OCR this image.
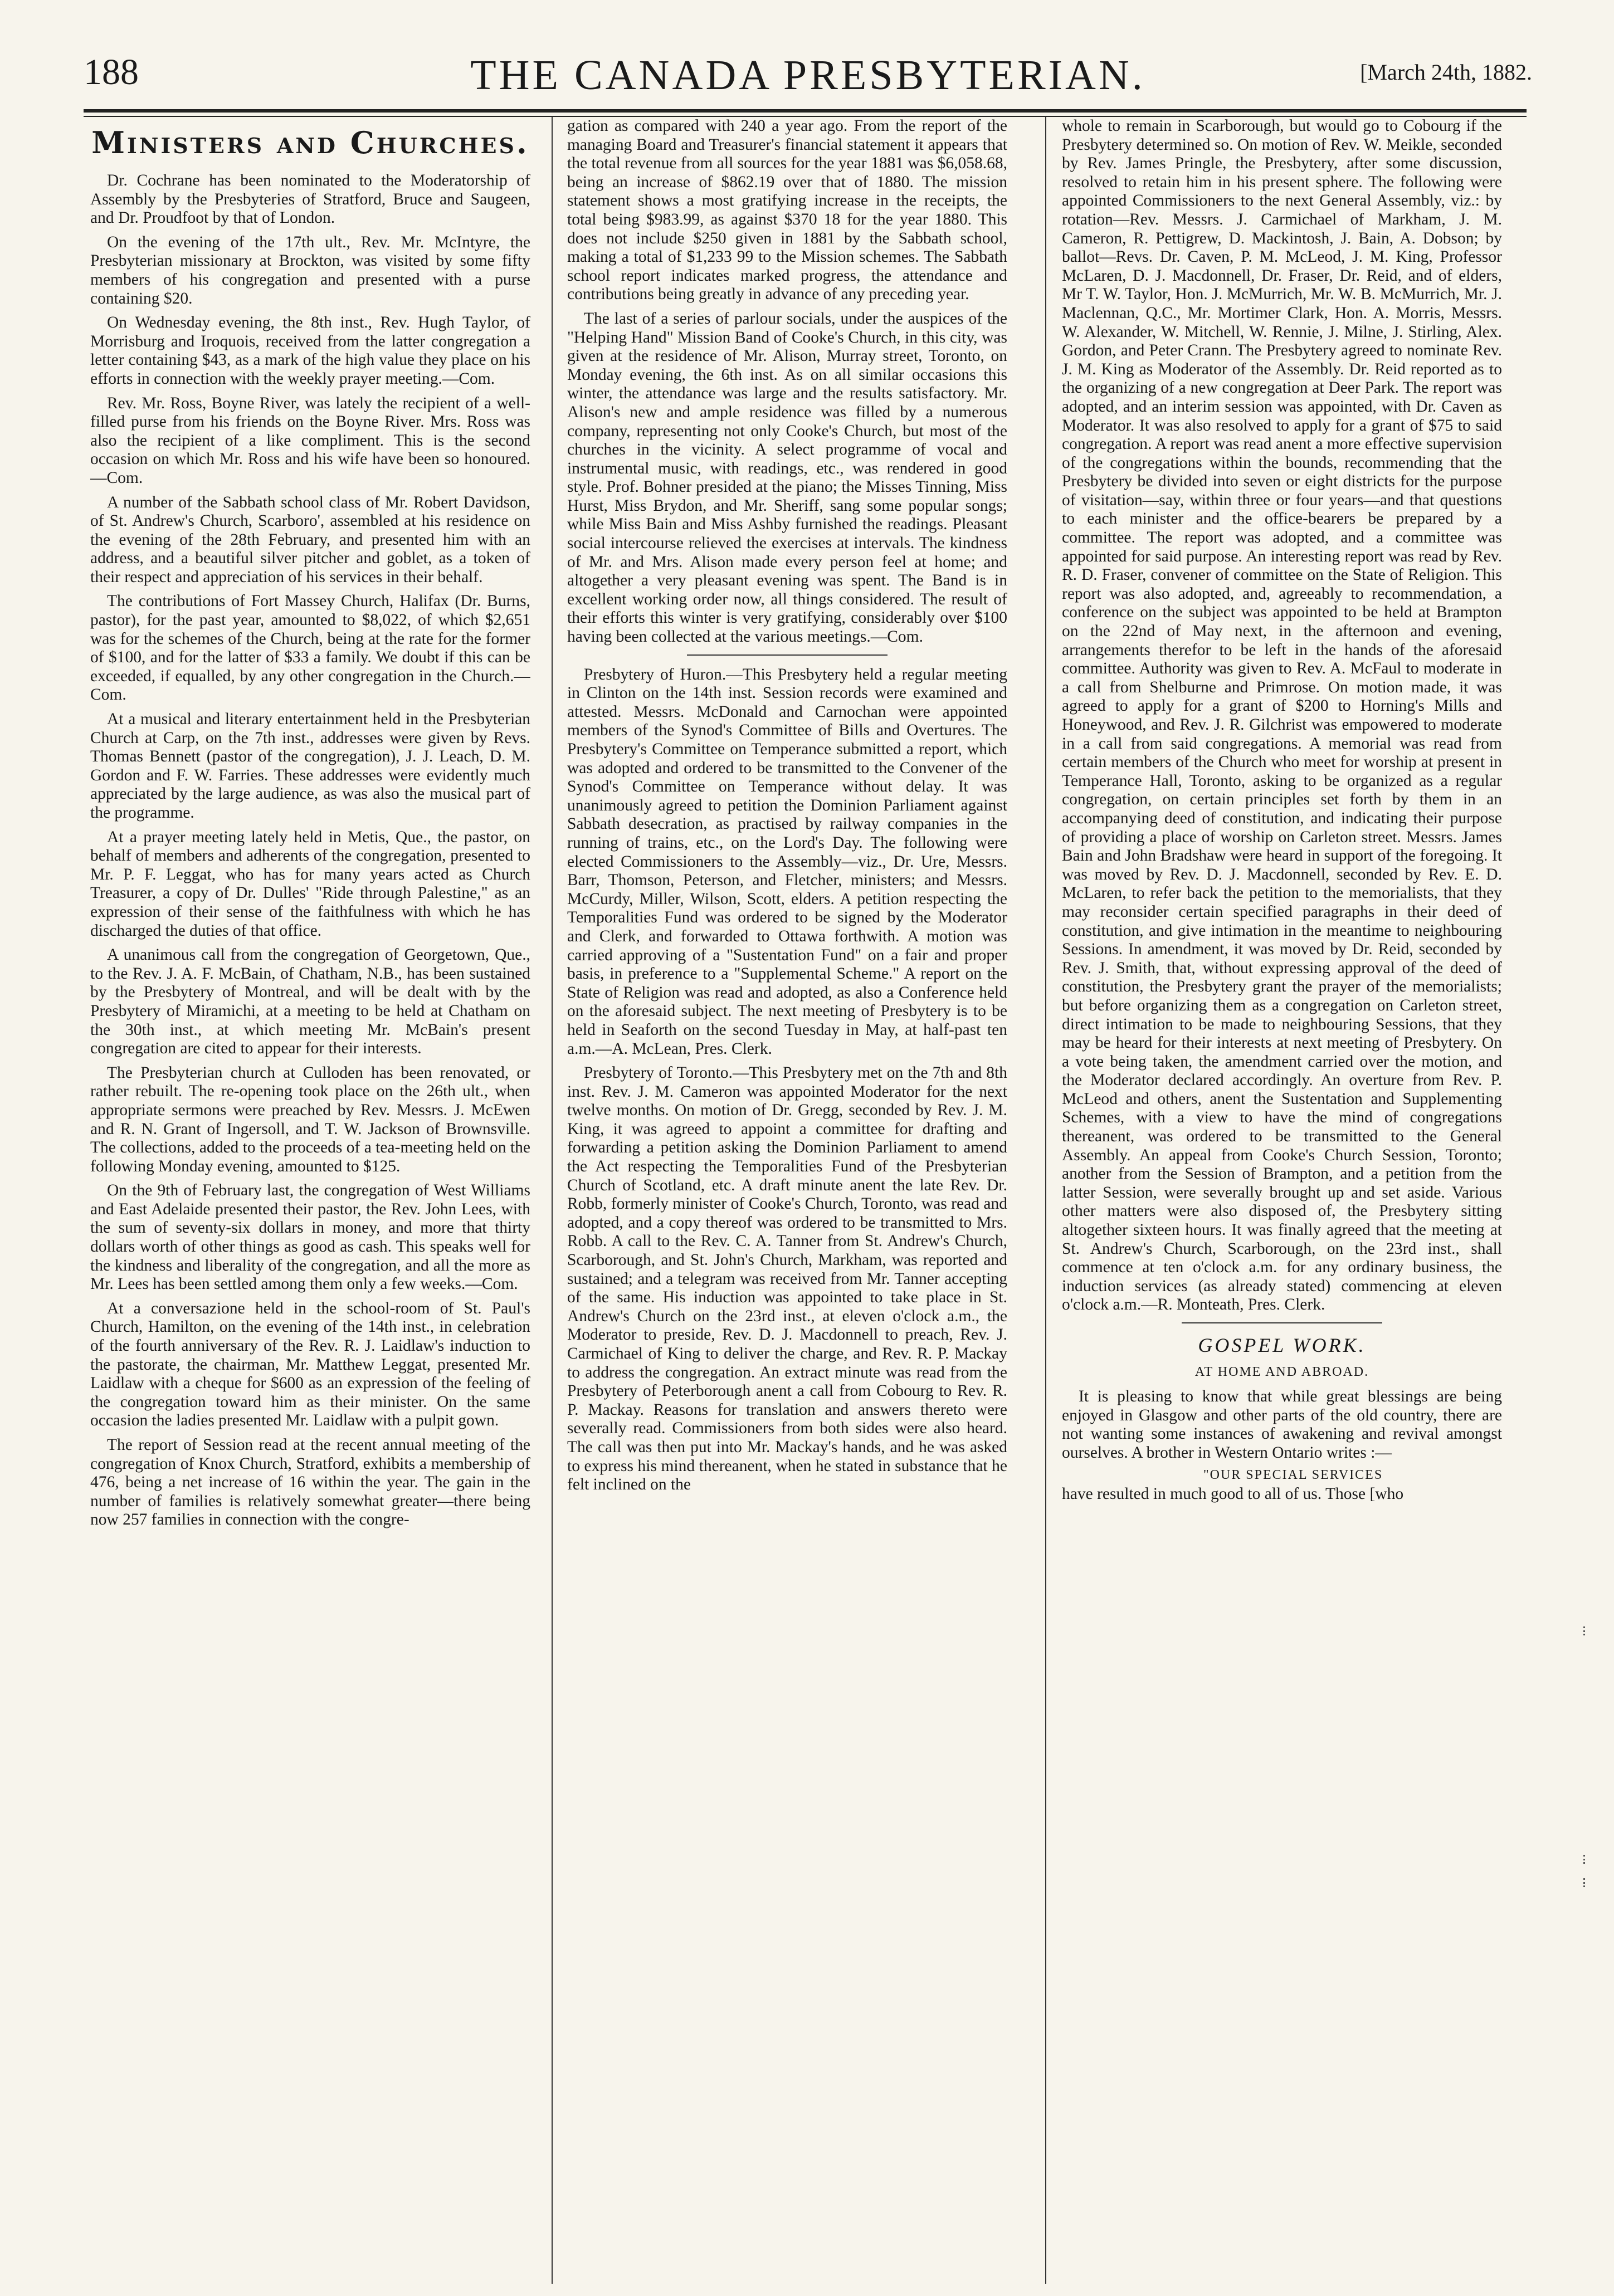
188	THE CANADA PRESBYTERIAN.	[March 24th, 1882.
Ministers and Churches.

Dr. Cochrane has been nominated to the Moderatorship of Assembly by the Presbyteries of Stratford, Bruce and Saugeen, and Dr. Proudfoot by that of London.

On the evening of the 17th ult., Rev. Mr. McIntyre, the Presbyterian missionary at Brockton, was visited by some fifty members of his congregation and presented with a purse containing $20.

On Wednesday evening, the 8th inst., Rev. Hugh Taylor, of Morrisburg and Iroquois, received from the latter congregation a letter containing $43, as a mark of the high value they place on his efforts in connection with the weekly prayer meeting.—Com.

Rev. Mr. Ross, Boyne River, was lately the recipient of a well-filled purse from his friends on the Boyne River. Mrs. Ross was also the recipient of a like compliment. This is the second occasion on which Mr. Ross and his wife have been so honoured.—Com.

A number of the Sabbath school class of Mr. Robert Davidson, of St. Andrew's Church, Scarboro', assembled at his residence on the evening of the 28th February, and presented him with an address, and a beautiful silver pitcher and goblet, as a token of their respect and appreciation of his services in their behalf.

The contributions of Fort Massey Church, Halifax (Dr. Burns, pastor), for the past year, amounted to $8,022, of which $2,651 was for the schemes of the Church, being at the rate for the former of $100, and for the latter of $33 a family. We doubt if this can be exceeded, if equalled, by any other congregation in the Church.—Com.

At a musical and literary entertainment held in the Presbyterian Church at Carp, on the 7th inst., addresses were given by Revs. Thomas Bennett (pastor of the congregation), J. J. Leach, D. M. Gordon and F. W. Farries. These addresses were evidently much appreciated by the large audience, as was also the musical part of the programme.

At a prayer meeting lately held in Metis, Que., the pastor, on behalf of members and adherents of the congregation, presented to Mr. P. F. Leggat, who has for many years acted as Church Treasurer, a copy of Dr. Dulles' "Ride through Palestine," as an expression of their sense of the faithfulness with which he has discharged the duties of that office.

A unanimous call from the congregation of Georgetown, Que., to the Rev. J. A. F. McBain, of Chatham, N.B., has been sustained by the Presbytery of Montreal, and will be dealt with by the Presbytery of Miramichi, at a meeting to be held at Chatham on the 30th inst., at which meeting Mr. McBain's present congregation are cited to appear for their interests.

The Presbyterian church at Culloden has been renovated, or rather rebuilt. The re-opening took place on the 26th ult., when appropriate sermons were preached by Rev. Messrs. J. McEwen and R. N. Grant of Ingersoll, and T. W. Jackson of Brownsville. The collections, added to the proceeds of a tea-meeting held on the following Monday evening, amounted to $125.

On the 9th of February last, the congregation of West Williams and East Adelaide presented their pastor, the Rev. John Lees, with the sum of seventy-six dollars in money, and more that thirty dollars worth of other things as good as cash. This speaks well for the kindness and liberality of the congregation, and all the more as Mr. Lees has been settled among them only a few weeks.—Com.

At a conversazione held in the school-room of St. Paul's Church, Hamilton, on the evening of the 14th inst., in celebration of the fourth anniversary of the Rev. R. J. Laidlaw's induction to the pastorate, the chairman, Mr. Matthew Leggat, presented Mr. Laidlaw with a cheque for $600 as an expression of the feeling of the congregation toward him as their minister. On the same occasion the ladies presented Mr. Laidlaw with a pulpit gown.

The report of Session read at the recent annual meeting of the congregation of Knox Church, Stratford, exhibits a membership of 476, being a net increase of 16 within the year. The gain in the number of families is relatively somewhat greater—there being now 257 families in connection with the congre-

gation as compared with 240 a year ago. From the report of the managing Board and Treasurer's financial statement it appears that the total revenue from all sources for the year 1881 was $6,058.68, being an increase of $862.19 over that of 1880. The mission statement shows a most gratifying increase in the receipts, the total being $983.99, as against $370 18 for the year 1880. This does not include $250 given in 1881 by the Sabbath school, making a total of $1,233 99 to the Mission schemes. The Sabbath school report indicates marked progress, the attendance and contributions being greatly in advance of any preceding year.

The last of a series of parlour socials, under the auspices of the "Helping Hand" Mission Band of Cooke's Church, in this city, was given at the residence of Mr. Alison, Murray street, Toronto, on Monday evening, the 6th inst. As on all similar occasions this winter, the attendance was large and the results satisfactory. Mr. Alison's new and ample residence was filled by a numerous company, representing not only Cooke's Church, but most of the churches in the vicinity. A select programme of vocal and instrumental music, with readings, etc., was rendered in good style. Prof. Bohner presided at the piano; the Misses Tinning, Miss Hurst, Miss Brydon, and Mr. Sheriff, sang some popular songs; while Miss Bain and Miss Ashby furnished the readings. Pleasant social intercourse relieved the exercises at intervals. The kindness of Mr. and Mrs. Alison made every person feel at home; and altogether a very pleasant evening was spent. The Band is in excellent working order now, all things considered. The result of their efforts this winter is very gratifying, considerably over $100 having been collected at the various meetings.—Com.

Presbytery of Huron.—This Presbytery held a regular meeting in Clinton on the 14th inst. Session records were examined and attested. Messrs. McDonald and Carnochan were appointed members of the Synod's Committee of Bills and Overtures. The Presbytery's Committee on Temperance submitted a report, which was adopted and ordered to be transmitted to the Convener of the Synod's Committee on Temperance without delay. It was unanimously agreed to petition the Dominion Parliament against Sabbath desecration, as practised by railway companies in the running of trains, etc., on the Lord's Day. The following were elected Commissioners to the Assembly—viz., Dr. Ure, Messrs. Barr, Thomson, Peterson, and Fletcher, ministers; and Messrs. McCurdy, Miller, Wilson, Scott, elders. A petition respecting the Temporalities Fund was ordered to be signed by the Moderator and Clerk, and forwarded to Ottawa forthwith. A motion was carried approving of a "Sustentation Fund" on a fair and proper basis, in preference to a "Supplemental Scheme." A report on the State of Religion was read and adopted, as also a Conference held on the aforesaid subject. The next meeting of Presbytery is to be held in Seaforth on the second Tuesday in May, at half-past ten a.m.—A. McLean, Pres. Clerk.

Presbytery of Toronto.—This Presbytery met on the 7th and 8th inst. Rev. J. M. Cameron was appointed Moderator for the next twelve months. On motion of Dr. Gregg, seconded by Rev. J. M. King, it was agreed to appoint a committee for drafting and forwarding a petition asking the Dominion Parliament to amend the Act respecting the Temporalities Fund of the Presbyterian Church of Scotland, etc. A draft minute anent the late Rev. Dr. Robb, formerly minister of Cooke's Church, Toronto, was read and adopted, and a copy thereof was ordered to be transmitted to Mrs. Robb. A call to the Rev. C. A. Tanner from St. Andrew's Church, Scarborough, and St. John's Church, Markham, was reported and sustained; and a telegram was received from Mr. Tanner accepting of the same. His induction was appointed to take place in St. Andrew's Church on the 23rd inst., at eleven o'clock a.m., the Moderator to preside, Rev. D. J. Macdonnell to preach, Rev. J. Carmichael of King to deliver the charge, and Rev. R. P. Mackay to address the congregation. An extract minute was read from the Presbytery of Peterborough anent a call from Cobourg to Rev. R. P. Mackay. Reasons for translation and answers thereto were severally read. Commissioners from both sides were also heard. The call was then put into Mr. Mackay's hands, and he was asked to express his mind thereanent, when he stated in substance that he felt inclined on the

whole to remain in Scarborough, but would go to Cobourg if the Presbytery determined so. On motion of Rev. W. Meikle, seconded by Rev. James Pringle, the Presbytery, after some discussion, resolved to retain him in his present sphere. The following were appointed Commissioners to the next General Assembly, viz.: by rotation—Rev. Messrs. J. Carmichael of Markham, J. M. Cameron, R. Pettigrew, D. Mackintosh, J. Bain, A. Dobson; by ballot—Revs. Dr. Caven, P. M. McLeod, J. M. King, Professor McLaren, D. J. Macdonnell, Dr. Fraser, Dr. Reid, and of elders, Mr T. W. Taylor, Hon. J. McMurrich, Mr. W. B. McMurrich, Mr. J. Maclennan, Q.C., Mr. Mortimer Clark, Hon. A. Morris, Messrs. W. Alexander, W. Mitchell, W. Rennie, J. Milne, J. Stirling, Alex. Gordon, and Peter Crann. The Presbytery agreed to nominate Rev. J. M. King as Moderator of the Assembly. Dr. Reid reported as to the organizing of a new congregation at Deer Park. The report was adopted, and an interim session was appointed, with Dr. Caven as Moderator. It was also resolved to apply for a grant of $75 to said congregation. A report was read anent a more effective supervision of the congregations within the bounds, recommending that the Presbytery be divided into seven or eight districts for the purpose of visitation—say, within three or four years—and that questions to each minister and the office-bearers be prepared by a committee. The report was adopted, and a committee was appointed for said purpose. An interesting report was read by Rev. R. D. Fraser, convener of committee on the State of Religion. This report was also adopted, and, agreeably to recommendation, a conference on the subject was appointed to be held at Brampton on the 22nd of May next, in the afternoon and evening, arrangements therefor to be left in the hands of the aforesaid committee. Authority was given to Rev. A. McFaul to moderate in a call from Shelburne and Primrose. On motion made, it was agreed to apply for a grant of $200 to Horning's Mills and Honeywood, and Rev. J. R. Gilchrist was empowered to moderate in a call from said congregations. A memorial was read from certain members of the Church who meet for worship at present in Temperance Hall, Toronto, asking to be organized as a regular congregation, on certain principles set forth by them in an accompanying deed of constitution, and indicating their purpose of providing a place of worship on Carleton street. Messrs. James Bain and John Bradshaw were heard in support of the foregoing. It was moved by Rev. D. J. Macdonnell, seconded by Rev. E. D. McLaren, to refer back the petition to the memorialists, that they may reconsider certain specified paragraphs in their deed of constitution, and give intimation in the meantime to neighbouring Sessions. In amendment, it was moved by Dr. Reid, seconded by Rev. J. Smith, that, without expressing approval of the deed of constitution, the Presbytery grant the prayer of the memorialists; but before organizing them as a congregation on Carleton street, direct intimation to be made to neighbouring Sessions, that they may be heard for their interests at next meeting of Presbytery. On a vote being taken, the amendment carried over the motion, and the Moderator declared accordingly. An overture from Rev. P. McLeod and others, anent the Sustentation and Supplementing Schemes, with a view to have the mind of congregations thereanent, was ordered to be transmitted to the General Assembly. An appeal from Cooke's Church Session, Toronto; another from the Session of Brampton, and a petition from the latter Session, were severally brought up and set aside. Various other matters were also disposed of, the Presbytery sitting altogether sixteen hours. It was finally agreed that the meeting at St. Andrew's Church, Scarborough, on the 23rd inst., shall commence at ten o'clock a.m. for any ordinary business, the induction services (as already stated) commencing at eleven o'clock a.m.—R. Monteath, Pres. Clerk.

GOSPEL WORK.
AT HOME AND ABROAD.

It is pleasing to know that while great blessings are being enjoyed in Glasgow and other parts of the old country, there are not wanting some instances of awakening and revival amongst ourselves. A brother in Western Ontario writes :—

"OUR SPECIAL SERVICES

have resulted in much good to all of us. Those [who
